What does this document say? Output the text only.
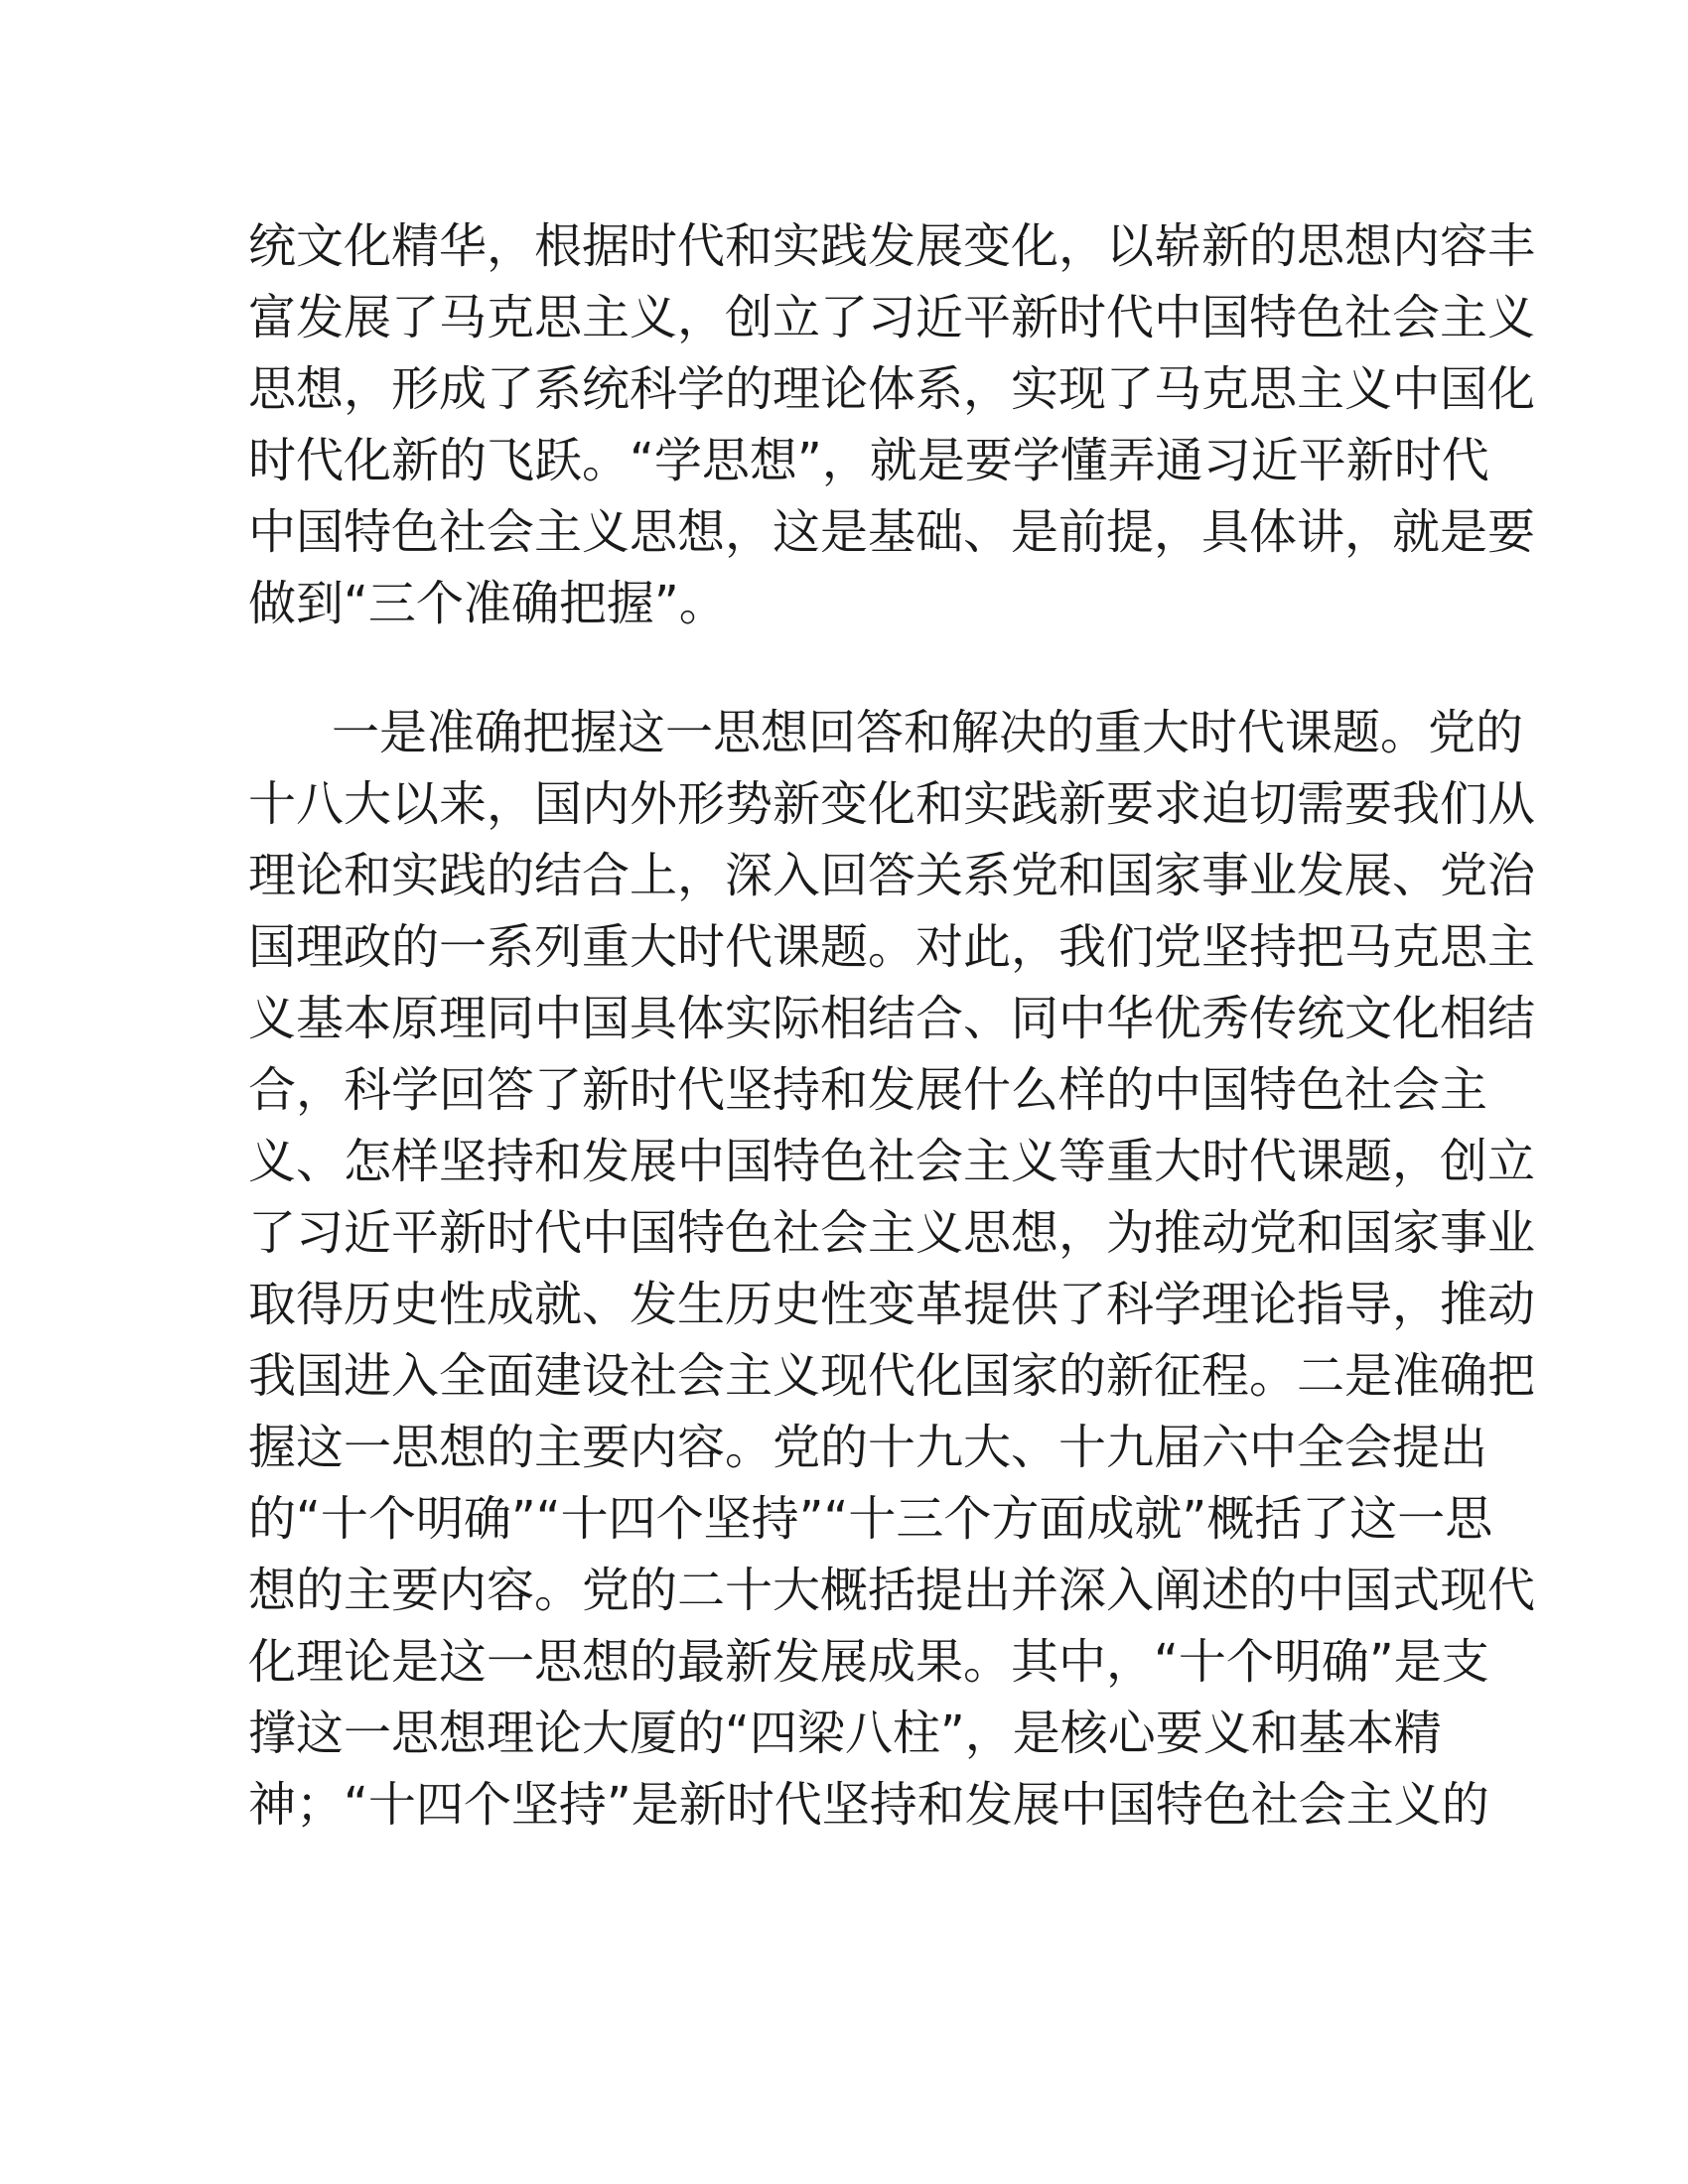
统文化精华，根据时代和实践发展变化，以崭新的思想内容丰
富发展了马克思主义，创立了习近平新时代中国特色社会主义
思想，形成了系统科学的理论体系，实现了马克思主义中国化
时代化新的飞跃。“学思想”，就是要学懂弄通习近平新时代
中国特色社会主义思想，这是基础、是前提，具体讲，就是要
做到“三个准确把握”。
一是准确把握这一思想回答和解决的重大时代课题。党的
十八大以来，国内外形势新变化和实践新要求迫切需要我们从
理论和实践的结合上，深入回答关系党和国家事业发展、党治
国理政的一系列重大时代课题。对此，我们党坚持把马克思主
义基本原理同中国具体实际相结合、同中华优秀传统文化相结
合，科学回答了新时代坚持和发展什么样的中国特色社会主
义、怎样坚持和发展中国特色社会主义等重大时代课题，创立
了习近平新时代中国特色社会主义思想，为推动党和国家事业
取得历史性成就、发生历史性变革提供了科学理论指导，推动
我国进入全面建设社会主义现代化国家的新征程。二是准确把
握这一思想的主要内容。党的十九大、十九届六中全会提出
的“十个明确”“十四个坚持”“十三个方面成就”概括了这一思
想的主要内容。党的二十大概括提出并深入阐述的中国式现代
化理论是这一思想的最新发展成果。其中，“十个明确”是支
撑这一思想理论大厦的“四梁八柱”，是核心要义和基本精
神；“十四个坚持”是新时代坚持和发展中国特色社会主义的
